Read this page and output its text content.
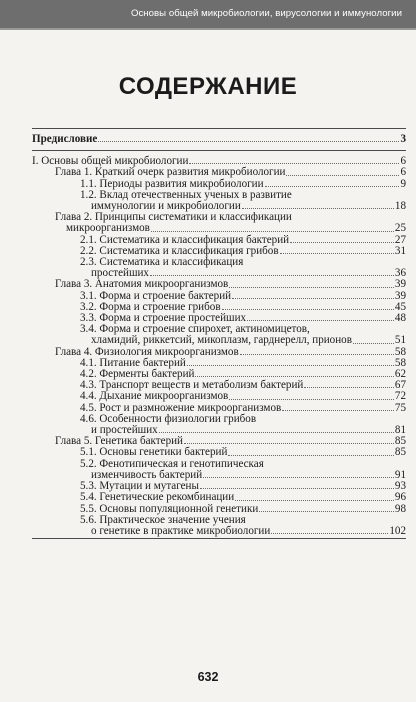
Основы общей микробиологии, вирусологии и иммунологии
СОДЕРЖАНИЕ
Предисловие	3
I. Основы общей микробиологии	6
Глава 1. Краткий очерк развития микробиологии	6
1.1. Периоды развития микробиологии	9
1.2. Вклад отечественных ученых в развитие
иммунологии и микробиологии	18
Глава 2. Принципы систематики и классификации
микроорганизмов	25
2.1. Систематика и классификация бактерий	27
2.2. Систематика и классификация грибов	31
2.3. Систематика и классификация
простейших	36
Глава 3. Анатомия микроорганизмов	39
3.1. Форма и строение бактерий	39
3.2. Форма и строение грибов	45
3.3. Форма и строение простейших	48
3.4. Форма и строение спирохет, актиномицетов,
хламидий, риккетсий, микоплазм, гарднерелл, прионов	51
Глава 4. Физиология микроорганизмов	58
4.1. Питание бактерий	58
4.2. Ферменты бактерий	62
4.3. Транспорт веществ и метаболизм бактерий	67
4.4. Дыхание микроорганизмов	72
4.5. Рост и размножение микроорганизмов	75
4.6. Особенности физиологии грибов
и простейших	81
Глава 5. Генетика бактерий	85
5.1. Основы генетики бактерий	85
5.2. Фенотипическая и генотипическая
изменчивость бактерий	91
5.3. Мутации и мутагены	93
5.4. Генетические рекомбинации	96
5.5. Основы популяционной генетики	98
5.6. Практическое значение учения
о генетике в практике микробиологии	102
632
